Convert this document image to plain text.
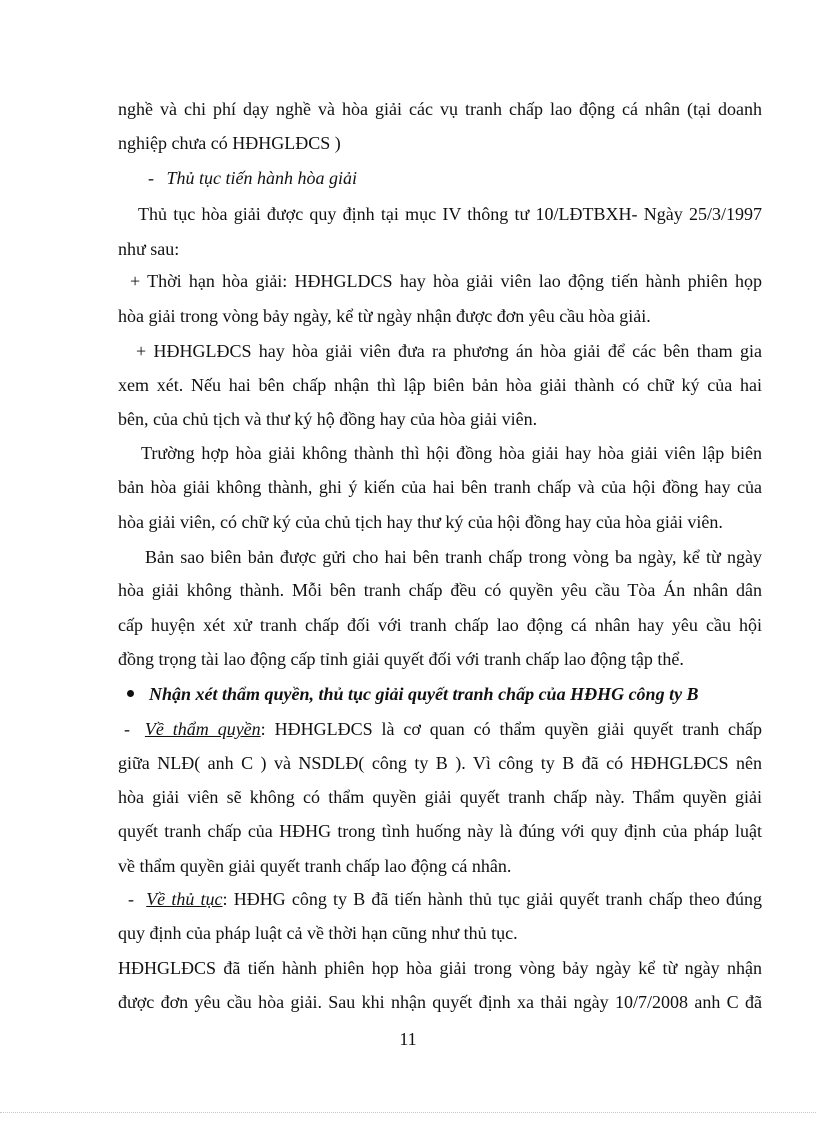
nghề và chi phí dạy nghề và hòa giải các vụ tranh chấp lao động cá nhân (tại doanh
nghiệp chưa có HĐHGLĐCS )
- Thủ tục tiến hành hòa giải
Thủ tục hòa giải được quy định tại mục IV thông tư 10/LĐTBXH- Ngày 25/3/1997
như sau:
+ Thời hạn hòa giải: HĐHGLDCS hay hòa giải viên lao động tiến hành phiên họp
hòa giải trong vòng bảy ngày, kể từ ngày nhận được đơn yêu cầu hòa giải.
+ HĐHGLĐCS hay hòa giải viên đưa ra phương án hòa giải để các bên tham gia
xem xét. Nếu hai bên chấp nhận thì lập biên bản hòa giải thành có chữ ký của hai
bên, của chủ tịch và thư ký hộ đồng hay của hòa giải viên.
Trường hợp hòa giải không thành thì hội đồng hòa giải hay hòa giải viên lập biên
bản hòa giải không thành, ghi ý kiến của hai bên tranh chấp và của hội đồng hay của
hòa giải viên, có chữ ký của chủ tịch hay thư ký của hội đồng hay của hòa giải viên.
Bản sao biên bản được gửi cho hai bên tranh chấp trong vòng ba ngày, kể từ ngày
hòa giải không thành. Mỗi bên tranh chấp đều có quyền yêu cầu Tòa Án nhân dân
cấp huyện xét xử tranh chấp đối với tranh chấp lao động cá nhân hay yêu cầu hội
đồng trọng tài lao động cấp tỉnh giải quyết đối với tranh chấp lao động tập thể.
Nhận xét thẩm quyền, thủ tục giải quyết tranh chấp của HĐHG công ty B
- Về thẩm quyền: HĐHGLĐCS là cơ quan có thẩm quyền giải quyết tranh chấp
giữa NLĐ( anh C ) và NSDLĐ( công ty B ). Vì công ty B đã có HĐHGLĐCS nên
hòa giải viên sẽ không có thẩm quyền giải quyết tranh chấp này. Thẩm quyền giải
quyết tranh chấp của HĐHG trong tình huống này là đúng với quy định của pháp luật
về thẩm quyền giải quyết tranh chấp lao động cá nhân.
- Về thủ tục: HĐHG công ty B đã tiến hành thủ tục giải quyết tranh chấp theo đúng
quy định của pháp luật cả về thời hạn cũng như thủ tục.
HĐHGLĐCS đã tiến hành phiên họp hòa giải trong vòng bảy ngày kể từ ngày nhận
được đơn yêu cầu hòa giải. Sau khi nhận quyết định xa thải ngày 10/7/2008 anh C đã
11
